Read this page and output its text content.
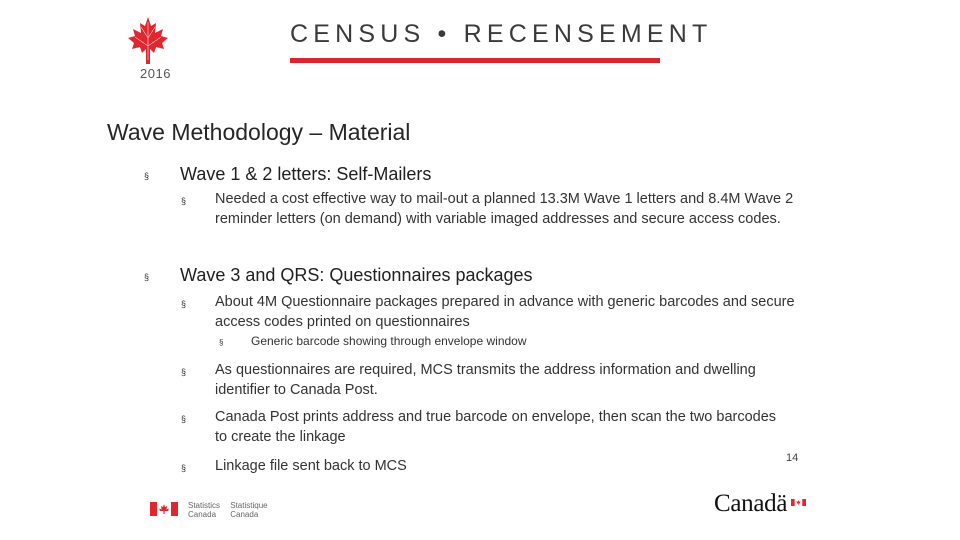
2016
CENSUS • RECENSEMENT
Wave Methodology – Material
§ Wave 1 & 2 letters: Self-Mailers
§ Needed a cost effective way to mail-out a planned 13.3M Wave 1 letters and 8.4M Wave 2 reminder letters (on demand) with variable imaged addresses and secure access codes.
§ Wave 3 and QRS: Questionnaires packages
§ About 4M Questionnaire packages prepared in advance with generic barcodes and secure access codes printed on questionnaires
§ Generic barcode showing through envelope window
§ As questionnaires are required, MCS transmits the address information and dwelling identifier to Canada Post.
§ Canada Post prints address and true barcode on envelope, then scan the two barcodes to create the linkage
§ Linkage file sent back to MCS	14
Statistics
Canada

Statistique
Canada	Canadä
